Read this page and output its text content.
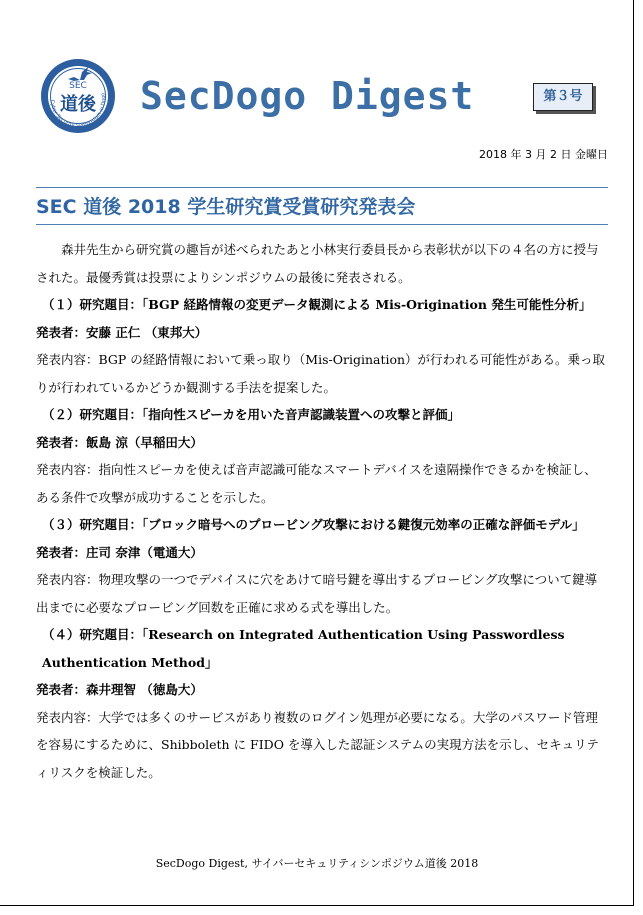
SEC
道後
Cyber Security Symposium in Dogo SecDogo Digest	第３号
2018 年 3 月 2 日 金曜日
SEC 道後 2018 学生研究賞受賞研究発表会

森井先生から研究賞の趣旨が述べられたあと小林実行委員長から表彰状が以下の４名の方に授与された。最優秀賞は投票によりシンポジウムの最後に発表される。

（１）研究題目：「BGP 経路情報の変更データ観測による Mis-Origination 発生可能性分析」

発表者：安藤 正仁 （東邦大）

発表内容：BGP の経路情報において乗っ取り（Mis-Origination）が行われる可能性がある。乗っ取りが行われているかどうか観測する手法を提案した。

（２）研究題目：「指向性スピーカを用いた音声認識装置への攻撃と評価」

発表者：飯島 涼（早稲田大）

発表内容：指向性スピーカを使えば音声認識可能なスマートデバイスを遠隔操作できるかを検証し、ある条件で攻撃が成功することを示した。

（３）研究題目：「ブロック暗号へのプロービング攻撃における鍵復元効率の正確な評価モデル」

発表者：庄司 奈津（電通大）

発表内容：物理攻撃の一つでデバイスに穴をあけて暗号鍵を導出するプロービング攻撃について鍵導出までに必要なプロービング回数を正確に求める式を導出した。

（４）研究題目：「Research on Integrated Authentication Using Passwordless Authentication Method」

発表者：森井理智 （徳島大）

発表内容：大学では多くのサービスがあり複数のログイン処理が必要になる。大学のパスワード管理を容易にするために、Shibboleth に FIDO を導入した認証システムの実現方法を示し、セキュリティリスクを検証した。

SecDogo Digest, サイバーセキュリティシンポジウム道後 2018
